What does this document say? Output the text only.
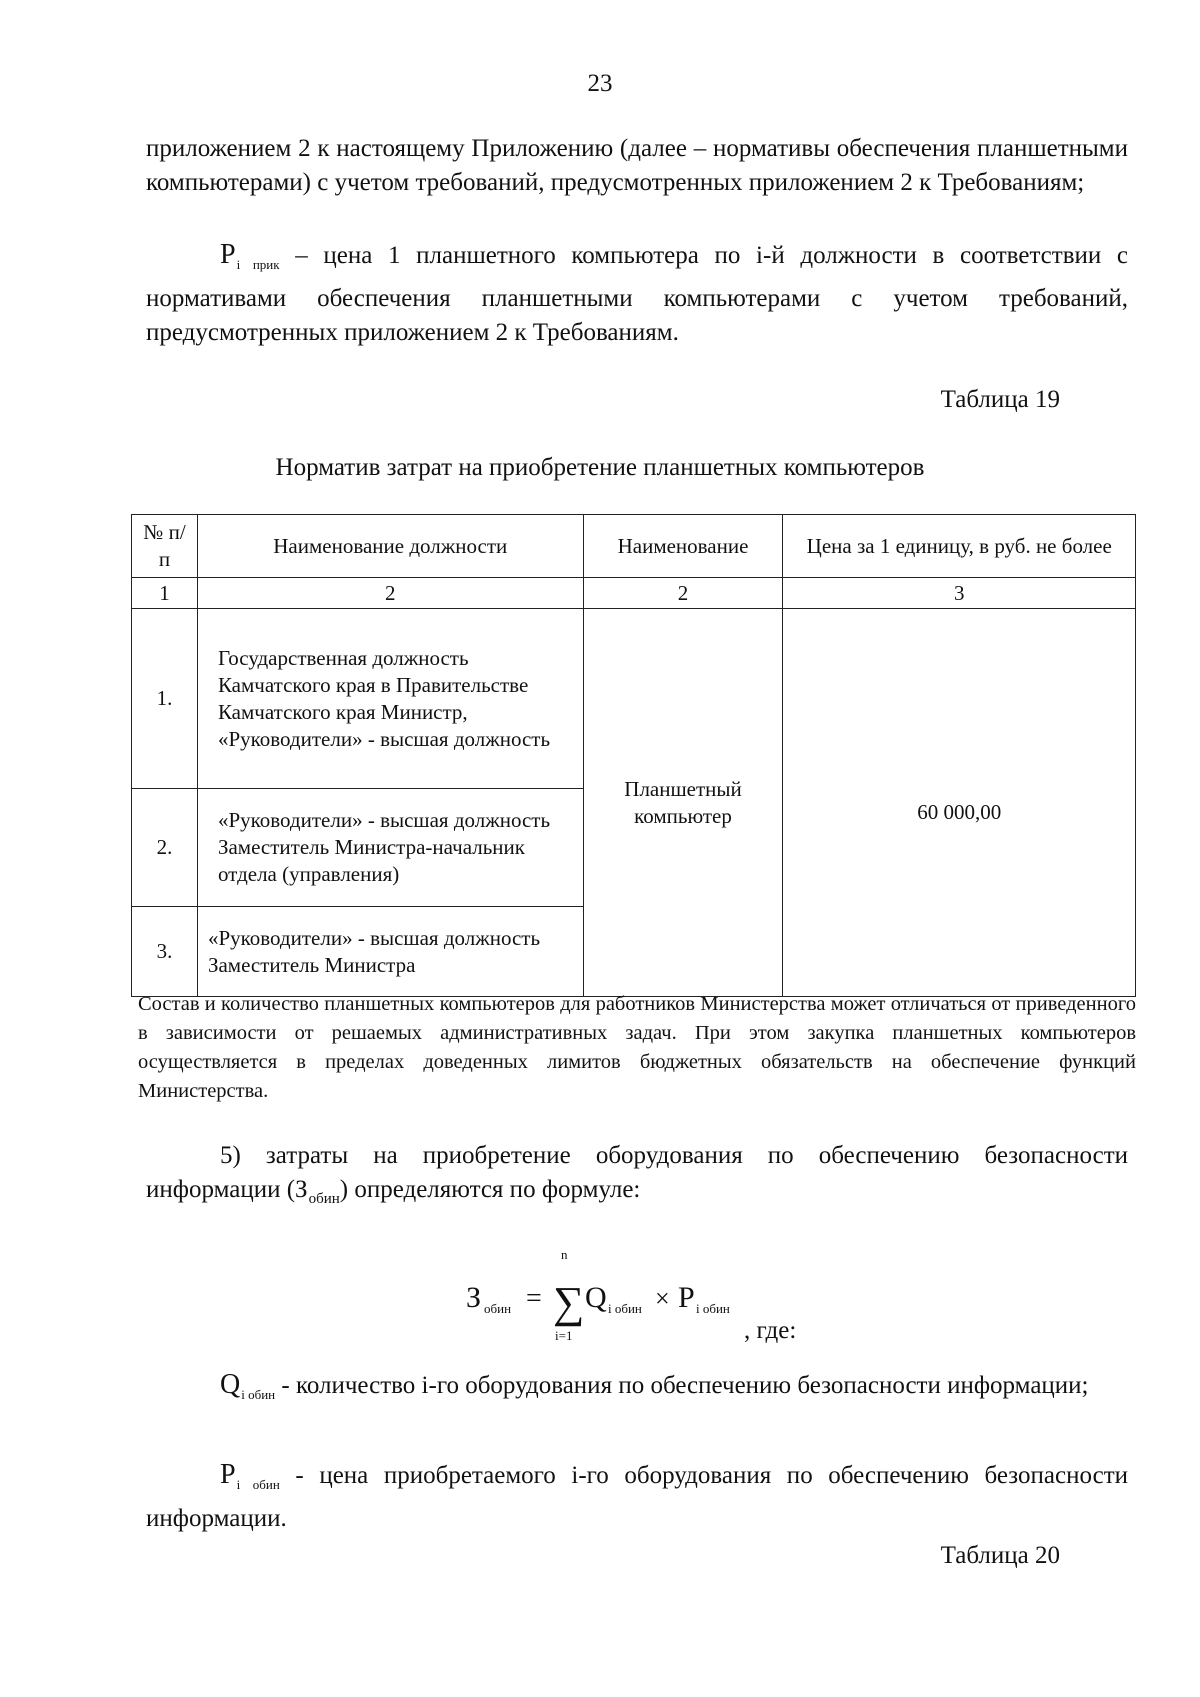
23
приложением 2 к настоящему Приложению (далее – нормативы обеспечения планшетными компьютерами) с учетом требований, предусмотренных приложением 2 к Требованиям;
$P_{i прик}$ – цена 1 планшетного компьютера по i-й должности в соответствии с нормативами обеспечения планшетными компьютерами с учетом требований, предусмотренных приложением 2 к Требованиям.
Таблица 19
Норматив затрат на приобретение планшетных компьютеров
№ п/п	Наименование должности	Наименование	Цена за 1 единицу, в руб. не более
1	2	2	3
1.	Государственная должность Камчатского края в Правительстве Камчатского края Министр, «Руководители» - высшая должность	Планшетный компьютер	60 000,00
2.	«Руководители» - высшая должность Заместитель Министра-начальник отдела (управления)		
3.	«Руководители» - высшая должность Заместитель Министра		
Состав и количество планшетных компьютеров для работников Министерства может отличаться от приведенного в зависимости от решаемых административных задач. При этом закупка планшетных компьютеров осуществляется в пределах доведенных лимитов бюджетных обязательств на обеспечение функций Министерства.
5) затраты на приобретение оборудования по обеспечению безопасности информации $(З_{обин})$ определяются по формуле:
З обин =
n
∑
i=1
Q i обин × P i обин
, где:
$Q_{i обин}$ - количество i-го оборудования по обеспечению безопасности информации;
$P_{i обин}$ - цена приобретаемого i-го оборудования по обеспечению безопасности информации.
Таблица 20
